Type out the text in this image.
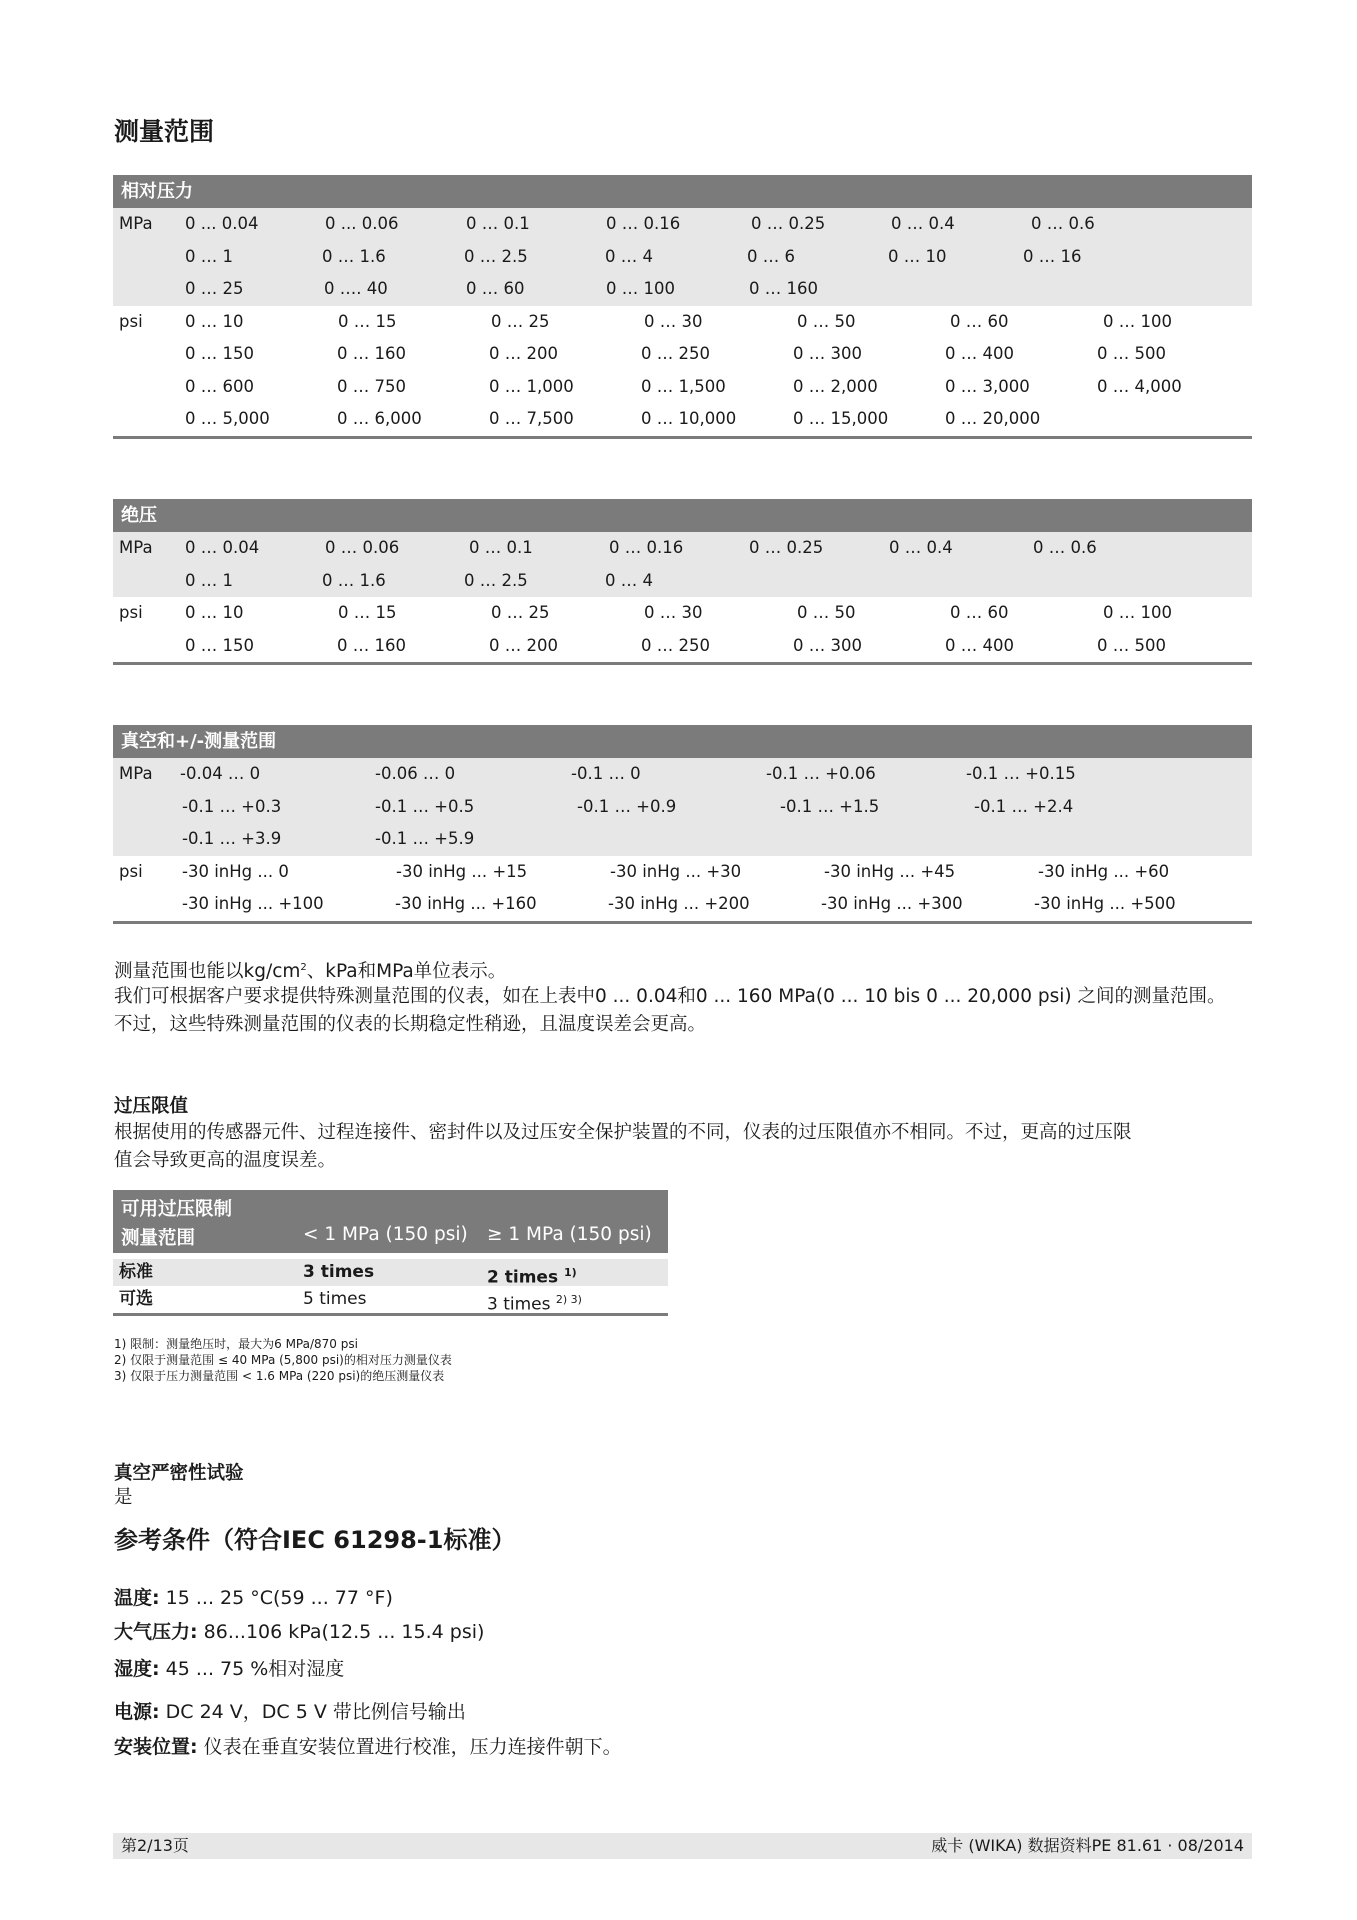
测量范围
相对压力
MPa 0 ... 0.04	0 ... 0.06	0 … 0.1	0 … 0.16	0 … 0.25	0 … 0.4	0 … 0.6
0 … 1	0 … 1.6	0 … 2.5	0 … 4	0 … 6	0 … 10	0 … 16
0 … 25	0 …. 40	0 … 60	0 … 100	0 … 160
psi	0 … 10	0 … 15	0 … 25	0 … 30	0 … 50	0 … 60	0 … 100
0 … 150	0 … 160	0 … 200	0 … 250	0 … 300	0 … 400	0 … 500
0 … 600	0 … 750	0 … 1,000	0 … 1,500	0 … 2,000	0 … 3,000	0 … 4,000
0 … 5,000	0 … 6,000	0 … 7,500	0 … 10,000	0 … 15,000	0 … 20,000
绝压
MPa 0 … 0.04	0 … 0.06	0 … 0.1	0 … 0.16	0 … 0.25	0 … 0.4	0 … 0.6
0 … 1	0 … 1.6	0 … 2.5	0 … 4
psi	0 … 10	0 … 15	0 … 25	0 … 30	0 … 50	0 … 60	0 … 100
0 … 150	0 … 160	0 … 200	0 … 250	0 … 300	0 … 400	0 … 500
真空和+/-测量范围
MPa -0.04 … 0	-0.06 … 0	-0.1 … 0	-0.1 … +0.06	-0.1 … +0.15
-0.1 … +0.3	-0.1 … +0.5	-0.1 … +0.9	-0.1 … +1.5	-0.1 … +2.4
-0.1 … +3.9	-0.1 … +5.9
psi -30 inHg ... 0	-30 inHg ... +15	-30 inHg ... +30	-30 inHg ... +45	-30 inHg ... +60
-30 inHg ... +100	-30 inHg ... +160	-30 inHg ... +200	-30 inHg ... +300	-30 inHg ... +500

测量范围也能以$kg/cm^2$、kPa和MPa单位表示。

我们可根据客户要求提供特殊测量范围的仪表，如在上表中0 ... 0.04和0 ... 160 MPa(0 ... 10 bis 0 ... 20,000 psi) 之间的测量范围。

不过，这些特殊测量范围的仪表的长期稳定性稍逊，且温度误差会更高。

过压限值

根据使用的传感器元件、过程连接件、密封件以及过压安全保护装置的不同，仪表的过压限值亦不相同。不过，更高的过压限

值会导致更高的温度误差。

可用过压限制
测量范围	< 1 MPa (150 psi) ≥ 1 MPa (150 psi)
标准	3 times	2 times $^{1)}$
可选	5 times	3 times $^{2) 3)}$
1) 限制：测量绝压时，最大为6 MPa/870 psi
2) 仅限于测量范围 ≤ 40 MPa (5,800 psi)的相对压力测量仪表
3) 仅限于压力测量范围 < 1.6 MPa (220 psi)的绝压测量仪表
真空严密性试验

是

参考条件（符合IEC 61298-1标准）
温度: 15 ... 25 °C(59 ... 77 °F)
大气压力: 86...106 kPa(12.5 ... 15.4 psi)
湿度: 45 ... 75 %相对湿度
电源: DC 24 V，DC 5 V 带比例信号输出
安装位置: 仪表在垂直安装位置进行校准，压力连接件朝下。
第2/13页	威卡 (WIKA) 数据资料PE 81.61 · 08/2014
